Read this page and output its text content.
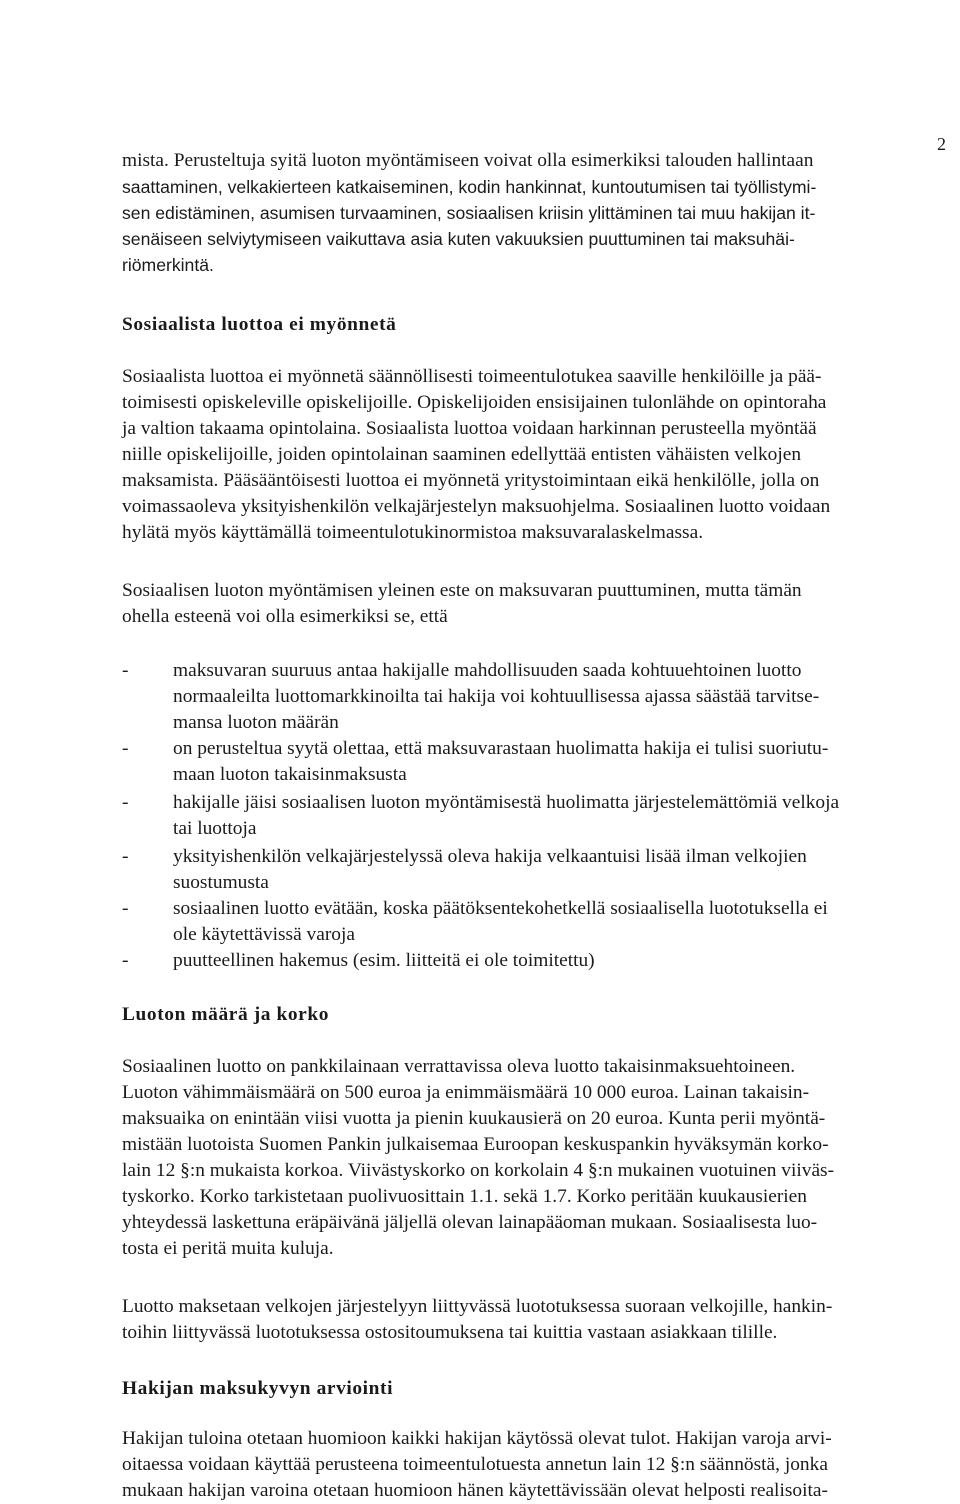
2
mista. Perusteltuja syitä luoton myöntämiseen voivat olla esimerkiksi talouden hallintaan
saattaminen, velkakierteen katkaiseminen, kodin hankinnat, kuntoutumisen tai työllistymi-
sen edistäminen, asumisen turvaaminen, sosiaalisen kriisin ylittäminen tai muu hakijan it-
senäiseen selviytymiseen vaikuttava asia kuten vakuuksien puuttuminen tai maksuhäi-
riömerkintä.
Sosiaalista luottoa ei myönnetä
Sosiaalista luottoa ei myönnetä säännöllisesti toimeentulotukea saaville henkilöille ja pää-
toimisesti opiskeleville opiskelijoille. Opiskelijoiden ensisijainen tulonlähde on opintoraha
ja valtion takaama opintolaina. Sosiaalista luottoa voidaan harkinnan perusteella myöntää
niille opiskelijoille, joiden opintolainan saaminen edellyttää entisten vähäisten velkojen
maksamista. Pääsääntöisesti luottoa ei myönnetä yritystoimintaan eikä henkilölle, jolla on
voimassaoleva yksityishenkilön velkajärjestelyn maksuohjelma. Sosiaalinen luotto voidaan
hylätä myös käyttämällä toimeentulotukinormistoa maksuvaralaskelmassa.
Sosiaalisen luoton myöntämisen yleinen este on maksuvaran puuttuminen, mutta tämän
ohella esteenä voi olla esimerkiksi se, että
- maksuvaran suuruus antaa hakijalle mahdollisuuden saada kohtuuehtoinen luotto
normaaleilta luottomarkkinoilta tai hakija voi kohtuullisessa ajassa säästää tarvitse-
mansa luoton määrän
- on perusteltua syytä olettaa, että maksuvarastaan huolimatta hakija ei tulisi suoriutu-
maan luoton takaisinmaksusta
- hakijalle jäisi sosiaalisen luoton myöntämisestä huolimatta järjestelemättömiä velkoja
tai luottoja
- yksityishenkilön velkajärjestelyssä oleva hakija velkaantuisi lisää ilman velkojien
suostumusta
- sosiaalinen luotto evätään, koska päätöksentekohetkellä sosiaalisella luototuksella ei
ole käytettävissä varoja
- puutteellinen hakemus (esim. liitteitä ei ole toimitettu)
Luoton määrä ja korko
Sosiaalinen luotto on pankkilainaan verrattavissa oleva luotto takaisinmaksuehtoineen.
Luoton vähimmäismäärä on 500 euroa ja enimmäismäärä 10 000 euroa. Lainan takaisin-
maksuaika on enintään viisi vuotta ja pienin kuukausierä on 20 euroa. Kunta perii myöntä-
mistään luotoista Suomen Pankin julkaisemaa Euroopan keskuspankin hyväksymän korko-
lain 12 §:n mukaista korkoa. Viivästyskorko on korkolain 4 §:n mukainen vuotuinen viiväs-
tyskorko. Korko tarkistetaan puolivuosittain 1.1. sekä 1.7. Korko peritään kuukausierien
yhteydessä laskettuna eräpäivänä jäljellä olevan lainapääoman mukaan. Sosiaalisesta luo-
tosta ei peritä muita kuluja.
Luotto maksetaan velkojen järjestelyyn liittyvässä luototuksessa suoraan velkojille, hankin-
toihin liittyvässä luototuksessa ostositoumuksena tai kuittia vastaan asiakkaan tilille.
Hakijan maksukyvyn arviointi
Hakijan tuloina otetaan huomioon kaikki hakijan käytössä olevat tulot. Hakijan varoja arvi-
oitaessa voidaan käyttää perusteena toimeentulotuesta annetun lain 12 §:n säännöstä, jonka
mukaan hakijan varoina otetaan huomioon hänen käytettävissään olevat helposti realisoita-
